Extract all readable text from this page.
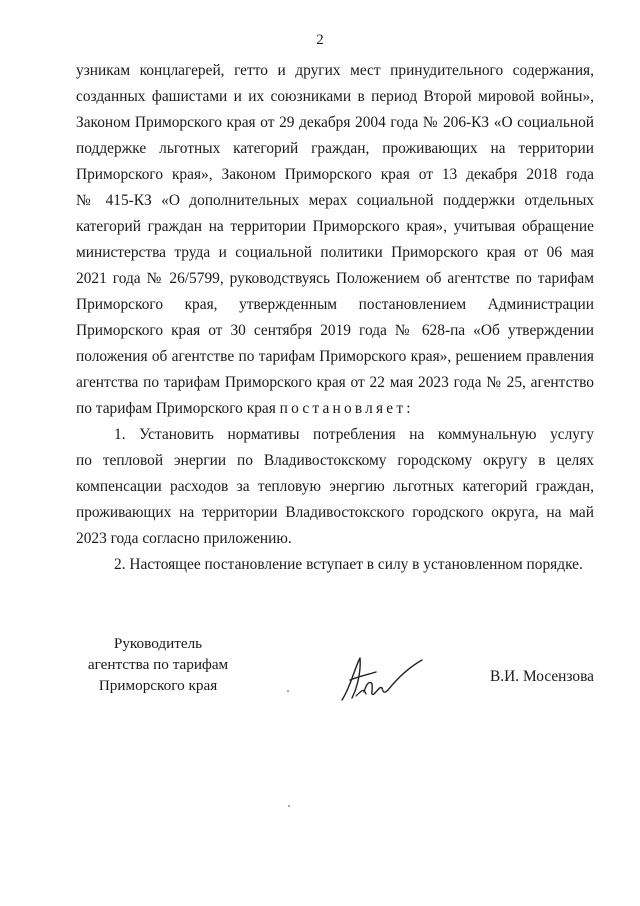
2
узникам концлагерей, гетто и других мест принудительного содержания,
созданных фашистами и их союзниками в период Второй мировой войны»,
Законом Приморского края от 29 декабря 2004 года № 206-КЗ «О социальной
поддержке льготных категорий граждан, проживающих на территории
Приморского края», Законом Приморского края от 13 декабря 2018 года
№ 415-КЗ «О дополнительных мерах социальной поддержки отдельных
категорий граждан на территории Приморского края», учитывая обращение
министерства труда и социальной политики Приморского края от 06 мая
2021 года № 26/5799, руководствуясь Положением об агентстве по тарифам
Приморского края, утвержденным постановлением Администрации
Приморского края от 30 сентября 2019 года № 628-па «Об утверждении
положения об агентстве по тарифам Приморского края», решением правления
агентства по тарифам Приморского края от 22 мая 2023 года № 25, агентство
по тарифам Приморского края постановляет:
1. Установить нормативы потребления на коммунальную услугу
по тепловой энергии по Владивостокскому городскому округу в целях
компенсации расходов за тепловую энергию льготных категорий граждан,
проживающих на территории Владивостокского городского округа, на май
2023 года согласно приложению.
2. Настоящее постановление вступает в силу в установленном порядке.
Руководитель
агентства по тарифам
Приморского края
В.И. Мосензова
